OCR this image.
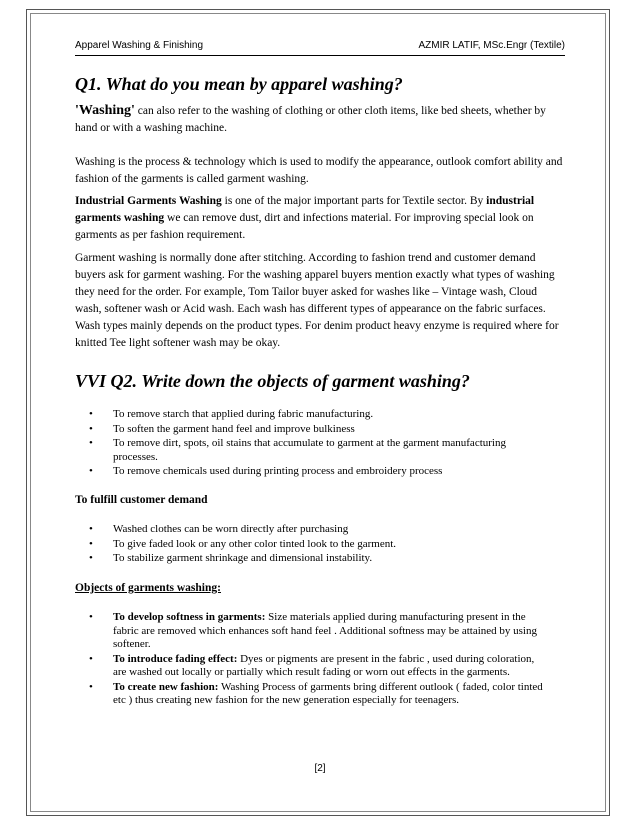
Apparel Washing & Finishing	AZMIR LATIF, MSc.Engr (Textile)
Q1. What do you mean by apparel washing?
'Washing' can also refer to the washing of clothing or other cloth items, like bed sheets, whether by hand or with a washing machine.
Washing is the process & technology which is used to modify the appearance, outlook comfort ability and fashion of the garments is called garment washing.
Industrial Garments Washing is one of the major important parts for Textile sector. By industrial garments washing we can remove dust, dirt and infections material. For improving special look on garments as per fashion requirement.
Garment washing is normally done after stitching. According to fashion trend and customer demand buyers ask for garment washing. For the washing apparel buyers mention exactly what types of washing they need for the order. For example, Tom Tailor buyer asked for washes like – Vintage wash, Cloud wash, softener wash or Acid wash. Each wash has different types of appearance on the fabric surfaces. Wash types mainly depends on the product types. For denim product heavy enzyme is required where for knitted Tee light softener wash may be okay.
VVI Q2. Write down the objects of garment washing?
• To remove starch that applied during fabric manufacturing.
• To soften the garment hand feel and improve bulkiness
• To remove dirt, spots, oil stains that accumulate to garment at the garment manufacturing processes.
• To remove chemicals used during printing process and embroidery process
To fulfill customer demand
• Washed clothes can be worn directly after purchasing
• To give faded look or any other color tinted look to the garment.
• To stabilize garment shrinkage and dimensional instability.
Objects of garments washing:
• To develop softness in garments: Size materials applied during manufacturing present in the fabric are removed which enhances soft hand feel . Additional softness may be attained by using softener.
• To introduce fading effect: Dyes or pigments are present in the fabric , used during coloration, are washed out locally or partially which result fading or worn out effects in the garments.
• To create new fashion: Washing Process of garments bring different outlook ( faded, color tinted etc ) thus creating new fashion for the new generation especially for teenagers.
[2]
